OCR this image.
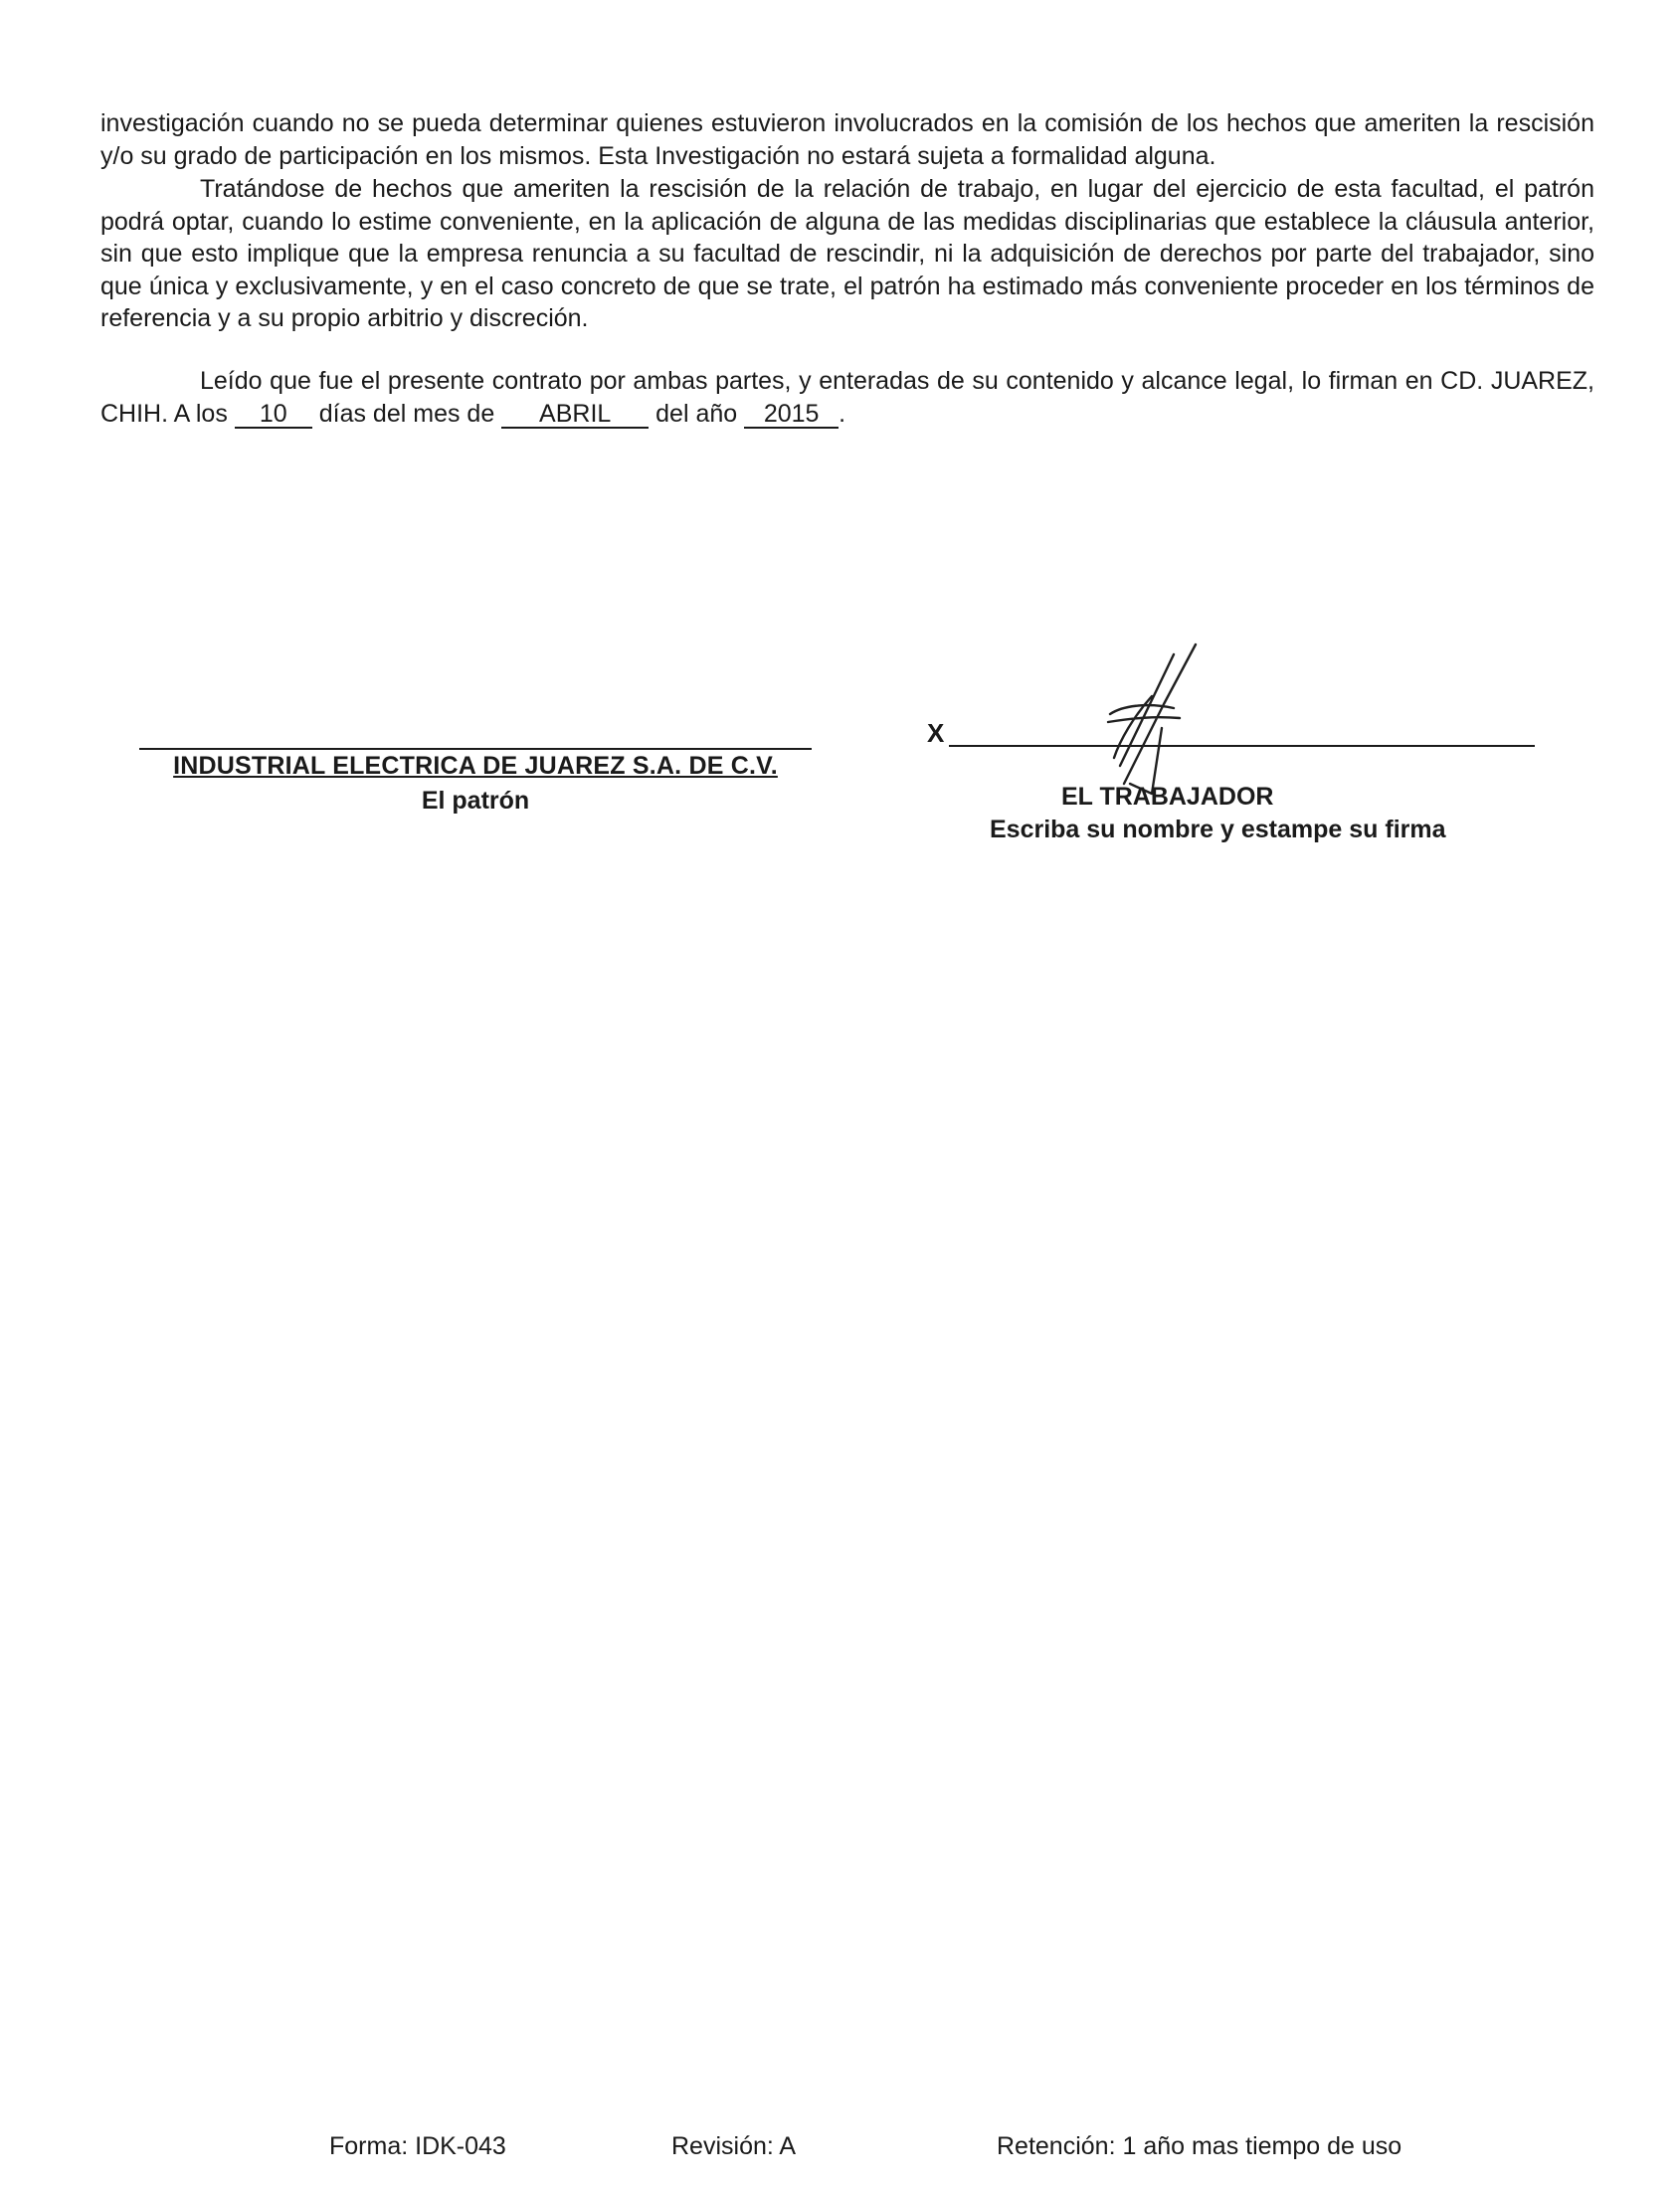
investigación cuando no se pueda determinar quienes estuvieron involucrados en la comisión de los hechos que ameriten la rescisión y/o su grado de participación en los mismos. Esta Investigación no estará sujeta a formalidad alguna.

Tratándose de hechos que ameriten la rescisión de la relación de trabajo, en lugar del ejercicio de esta facultad, el patrón podrá optar, cuando lo estime conveniente, en la aplicación de alguna de las medidas disciplinarias que establece la cláusula anterior, sin que esto implique que la empresa renuncia a su facultad de rescindir, ni la adquisición de derechos por parte del trabajador, sino que única y exclusivamente, y en el caso concreto de que se trate, el patrón ha estimado más conveniente proceder en los términos de referencia y a su propio arbitrio y discreción.

Leído que fue el presente contrato por ambas partes, y enteradas de su contenido y alcance legal, lo firman en CD. JUAREZ, CHIH. A los 10 días del mes de ABRIL del año 2015 .

INDUSTRIAL ELECTRICA DE JUAREZ S.A. DE C.V.
El patrón
X
EL TRABAJADOR
Escriba su nombre y estampe su firma
Forma: IDK-043	Revisión: A	Retención: 1 año mas tiempo de uso
